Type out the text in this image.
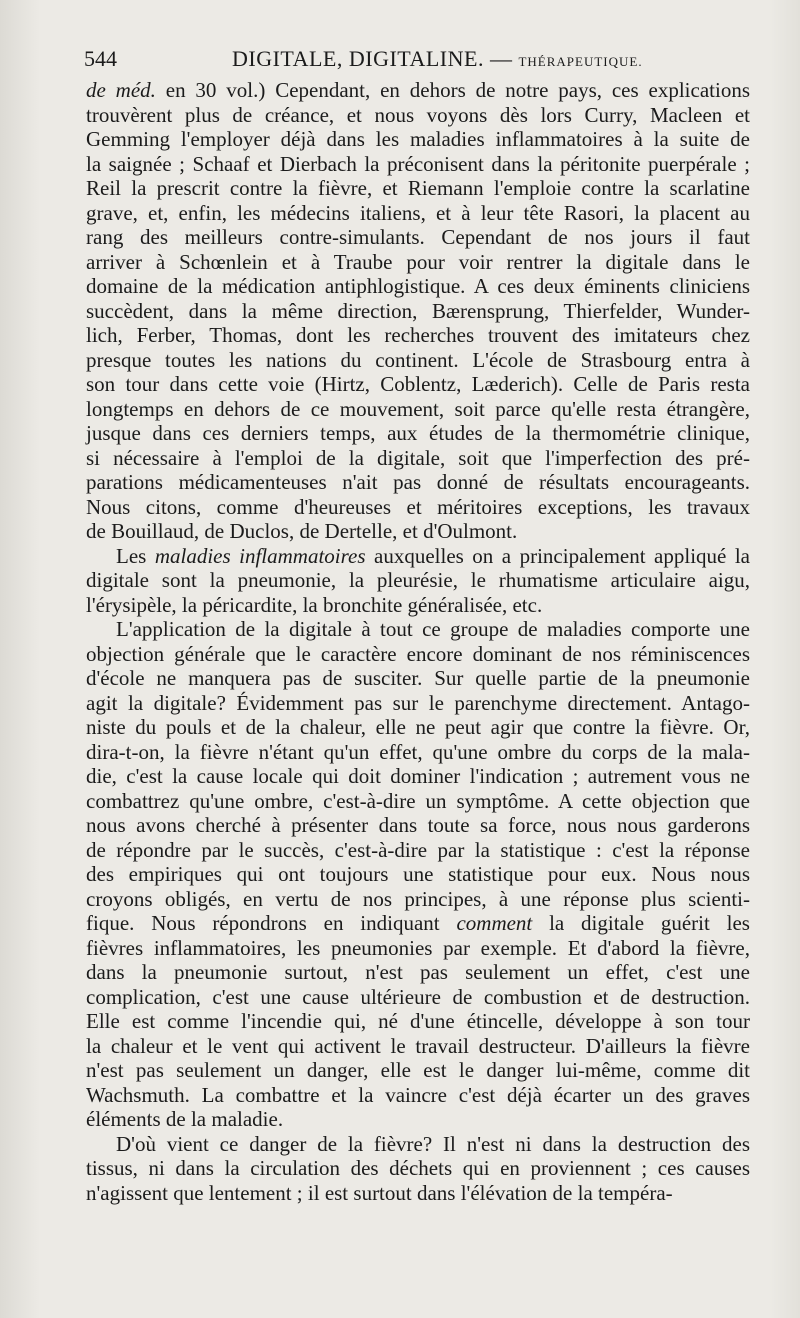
544	DIGITALE, DIGITALINE. — THÉRAPEUTIQUE.

de méd. en 30 vol.) Cependant, en dehors de notre pays, ces explications
trouvèrent plus de créance, et nous voyons dès lors Curry, Macleen et
Gemming l'employer déjà dans les maladies inflammatoires à la suite de
la saignée ; Schaaf et Dierbach la préconisent dans la péritonite puerpérale ;
Reil la prescrit contre la fièvre, et Riemann l'emploie contre la scarlatine
grave, et, enfin, les médecins italiens, et à leur tête Rasori, la placent au
rang des meilleurs contre-simulants. Cependant de nos jours il faut
arriver à Schœnlein et à Traube pour voir rentrer la digitale dans le
domaine de la médication antiphlogistique. A ces deux éminents cliniciens
succèdent, dans la même direction, Bærensprung, Thierfelder, Wunder-
lich, Ferber, Thomas, dont les recherches trouvent des imitateurs chez
presque toutes les nations du continent. L'école de Strasbourg entra à
son tour dans cette voie (Hirtz, Coblentz, Læderich). Celle de Paris resta
longtemps en dehors de ce mouvement, soit parce qu'elle resta étrangère,
jusque dans ces derniers temps, aux études de la thermométrie clinique,
si nécessaire à l'emploi de la digitale, soit que l'imperfection des pré-
parations médicamenteuses n'ait pas donné de résultats encourageants.
Nous citons, comme d'heureuses et méritoires exceptions, les travaux
de Bouillaud, de Duclos, de Dertelle, et d'Oulmont.

Les maladies inflammatoires auxquelles on a principalement appliqué la
digitale sont la pneumonie, la pleurésie, le rhumatisme articulaire aigu,
l'érysipèle, la péricardite, la bronchite généralisée, etc.

L'application de la digitale à tout ce groupe de maladies comporte une
objection générale que le caractère encore dominant de nos réminiscences
d'école ne manquera pas de susciter. Sur quelle partie de la pneumonie
agit la digitale? Évidemment pas sur le parenchyme directement. Antago-
niste du pouls et de la chaleur, elle ne peut agir que contre la fièvre. Or,
dira-t-on, la fièvre n'étant qu'un effet, qu'une ombre du corps de la mala-
die, c'est la cause locale qui doit dominer l'indication ; autrement vous ne
combattrez qu'une ombre, c'est-à-dire un symptôme. A cette objection que
nous avons cherché à présenter dans toute sa force, nous nous garderons
de répondre par le succès, c'est-à-dire par la statistique : c'est la réponse
des empiriques qui ont toujours une statistique pour eux. Nous nous
croyons obligés, en vertu de nos principes, à une réponse plus scienti-
fique. Nous répondrons en indiquant comment la digitale guérit les
fièvres inflammatoires, les pneumonies par exemple. Et d'abord la fièvre,
dans la pneumonie surtout, n'est pas seulement un effet, c'est une
complication, c'est une cause ultérieure de combustion et de destruction.
Elle est comme l'incendie qui, né d'une étincelle, développe à son tour
la chaleur et le vent qui activent le travail destructeur. D'ailleurs la fièvre
n'est pas seulement un danger, elle est le danger lui-même, comme dit
Wachsmuth. La combattre et la vaincre c'est déjà écarter un des graves
éléments de la maladie.

D'où vient ce danger de la fièvre? Il n'est ni dans la destruction des
tissus, ni dans la circulation des déchets qui en proviennent ; ces causes
n'agissent que lentement ; il est surtout dans l'élévation de la tempéra-
